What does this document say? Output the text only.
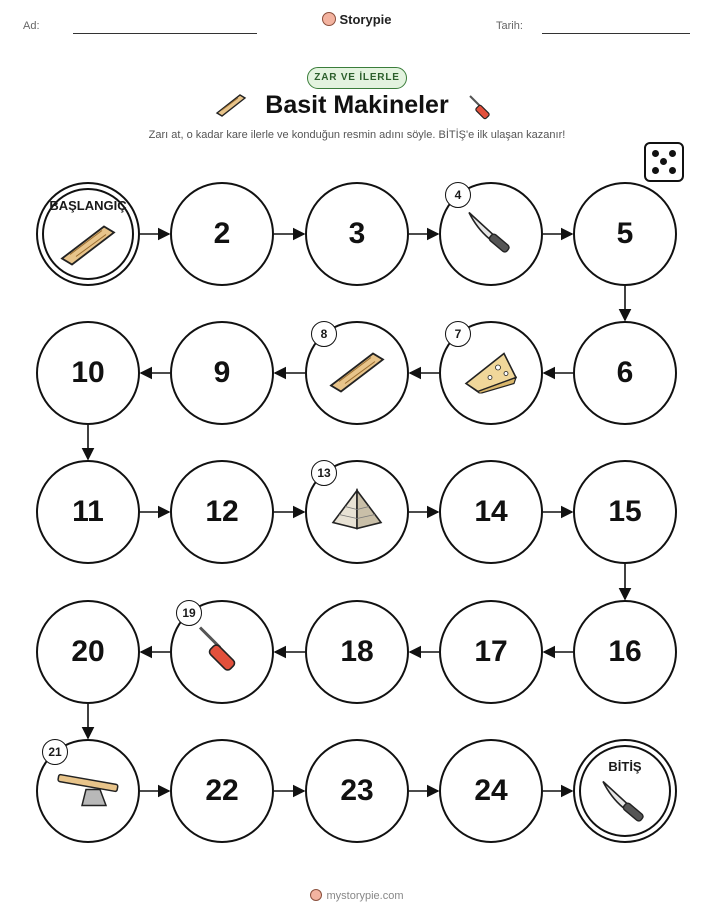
Ad:	Storypie	Tarih:
ZAR VE İLERLE
Basit Makineler
Zarı at, o kadar kare ilerle ve konduğun resmin adını söyle. BİTİŞ'e ilk ulaşan kazanır!
BAŞLANGIÇ
2	3
4
5
6
7
8
9
10
11	12
13
14	15
16
17
18
19
20
21
22	23	24
BİTİŞ
mystorypie.com
